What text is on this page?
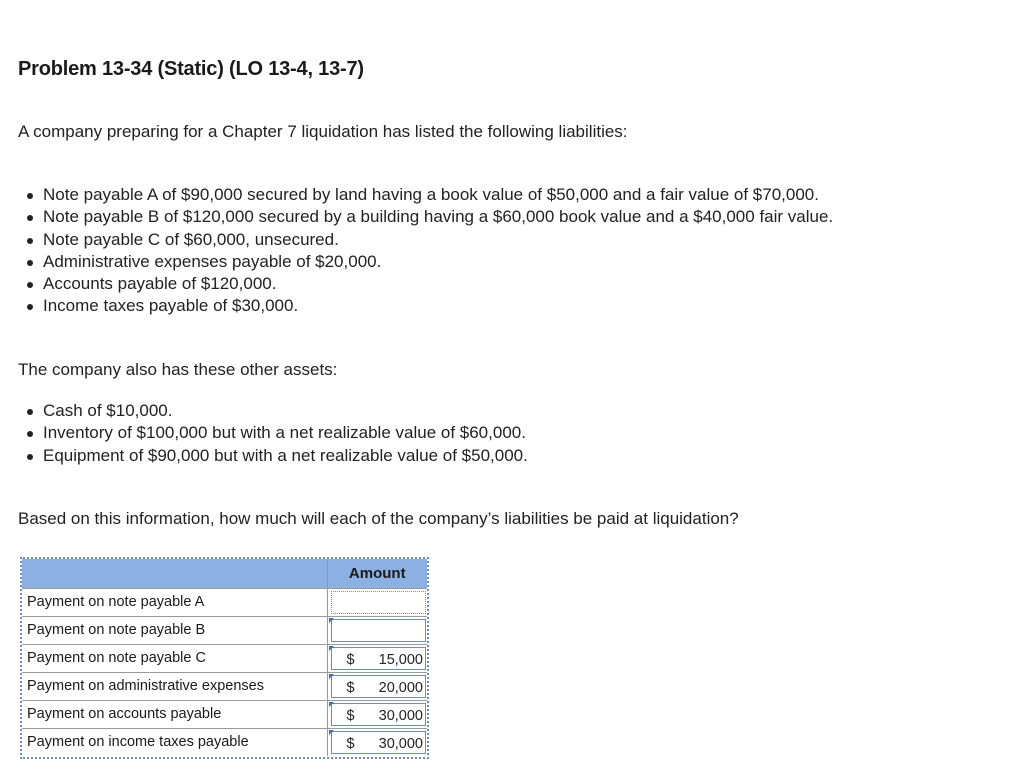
Problem 13-34 (Static) (LO 13-4, 13-7)
A company preparing for a Chapter 7 liquidation has listed the following liabilities:
Note payable A of $90,000 secured by land having a book value of $50,000 and a fair value of $70,000.
Note payable B of $120,000 secured by a building having a $60,000 book value and a $40,000 fair value.
Note payable C of $60,000, unsecured.
Administrative expenses payable of $20,000.
Accounts payable of $120,000.
Income taxes payable of $30,000.
The company also has these other assets:
Cash of $10,000.
Inventory of $100,000 but with a net realizable value of $60,000.
Equipment of $90,000 but with a net realizable value of $50,000.
Based on this information, how much will each of the company’s liabilities be paid at liquidation?
	Amount
Payment on note payable A	

Payment on note payable B	

Payment on note payable C	$ 15,000

Payment on administrative expenses	$ 20,000

Payment on accounts payable	$ 30,000

Payment on income taxes payable	$ 30,000
